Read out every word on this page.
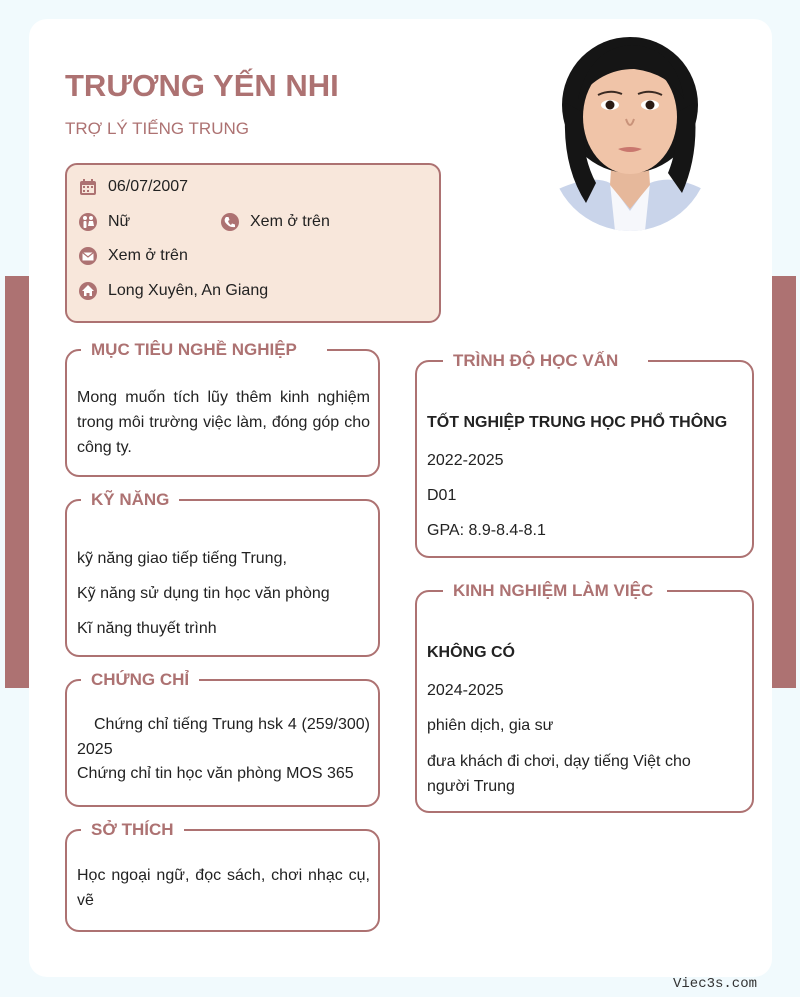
TRƯƠNG YẾN NHI
TRỢ LÝ TIẾNG TRUNG
06/07/2007
Nữ	Xem ở trên
Xem ở trên
Long Xuyên, An Giang
MỤC TIÊU NGHỀ NGHIỆP
Mong muốn tích lũy thêm kinh nghiệm trong môi trường việc làm, đóng góp cho công ty.
KỸ NĂNG
kỹ năng giao tiếp tiếng Trung,
Kỹ năng sử dụng tin học văn phòng
Kĩ năng thuyết trình
CHỨNG CHỈ
Chứng chỉ tiếng Trung hsk 4 (259/300) 2025
Chứng chỉ tin học văn phòng MOS 365
SỞ THÍCH
Học ngoại ngữ, đọc sách, chơi nhạc cụ, vẽ
TRÌNH ĐỘ HỌC VẤN
TỐT NGHIỆP TRUNG HỌC PHỔ THÔNG
2022-2025
D01
GPA: 8.9-8.4-8.1
KINH NGHIỆM LÀM VIỆC
KHÔNG CÓ
2024-2025
phiên dịch, gia sư
đưa khách đi chơi, dạy tiếng Việt cho người Trung
Viec3s.com
